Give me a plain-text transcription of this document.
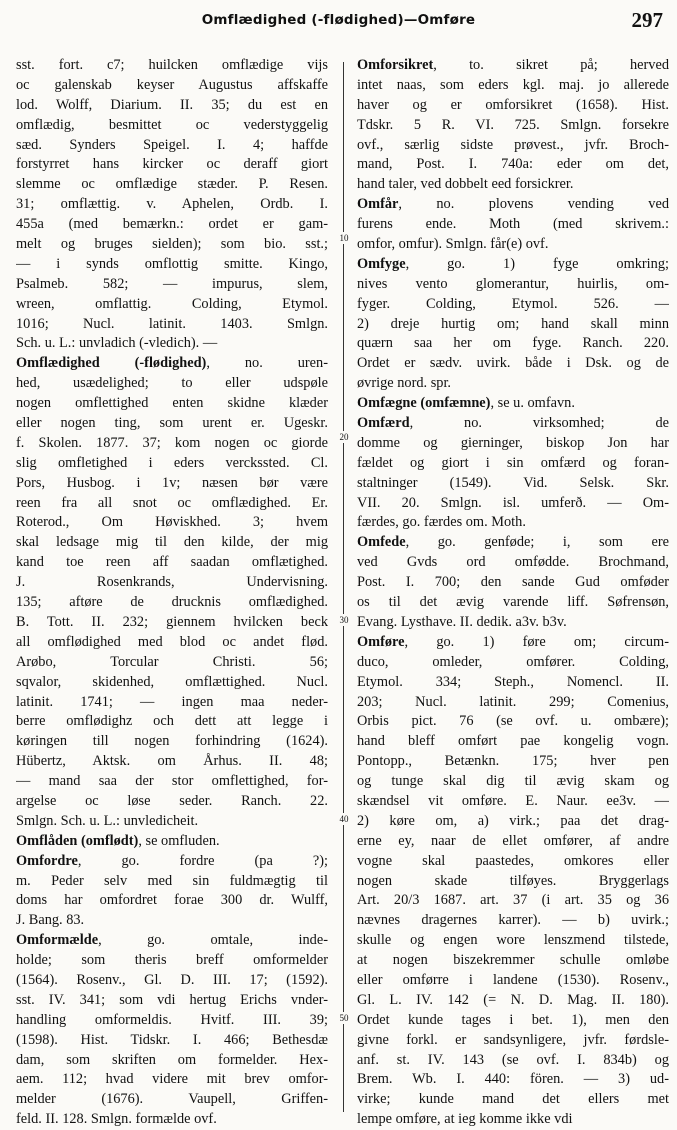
Omflædighed (-flødighed)—Omføre	297
sst. fort. c7; huilcken omflædige vijs
oc galenskab keyser Augustus affskaffe
lod. Wolff, Diarium. II. 35; du est en
omflædig, besmittet oc vederstyggelig
sæd. Synders Speigel. I. 4; haffde
forstyrret hans kircker oc deraff giort
slemme oc omflædige stæder. P. Resen.
31; omflættig. v. Aphelen, Ordb. I.
455a (med bemærkn.: ordet er gam-
melt og bruges sielden); som bio. sst.;
— i synds omflottig smitte. Kingo,
Psalmeb. 582; — impurus, slem,
wreen, omflattig. Colding, Etymol.
1016; Nucl. latinit. 1403. Smlgn.
Sch. u. L.: unvladich (-vledich). —
Omflædighed (-flødighed), no. uren-
hed, usædelighed; to eller udspøle
nogen omflettighed enten skidne klæder
eller nogen ting, som urent er. Ugeskr.
f. Skolen. 1877. 37; kom nogen oc giorde
slig omfletighed i eders verckssted. Cl.
Pors, Husbog. i 1v; næsen bør være
reen fra all snot oc omflædighed. Er.
Roterod., Om Høviskhed. 3; hvem
skal ledsage mig til den kilde, der mig
kand toe reen aff saadan omflætighed.
J. Rosenkrands, Undervisning.
135; aftøre de drucknis omflædighed.
B. Tott. II. 232; giennem hvilcken beck
all omflødighed med blod oc andet flød.
Arøbo, Torcular Christi. 56;
sqvalor, skidenhed, omflættighed. Nucl.
latinit. 1741; — ingen maa neder-
berre omflødighz och dett att legge i
køringen till nogen forhindring (1624).
Hübertz, Aktsk. om Århus. II. 48;
— mand saa der stor omflettighed, for-
argelse oc løse seder. Ranch. 22.
Smlgn. Sch. u. L.: unvledicheit.
Omflåden (omflødt), se omfluden.
Omfordre, go. fordre (pa ?);
m. Peder selv med sin fuldmægtig til
doms har omfordret forae 300 dr. Wulff,
J. Bang. 83.
Omformælde, go. omtale, inde-
holde; som theris breff omformelder
(1564). Rosenv., Gl. D. III. 17; (1592).
sst. IV. 341; som vdi hertug Erichs vnder-
handling omformeldis. Hvitf. III. 39;
(1598). Hist. Tidskr. I. 466; Bethesdæ
dam, som skriften om formelder. Hex-
aem. 112; hvad videre mit brev omfor-
melder (1676). Vaupell, Griffen-
feld. II. 128. Smlgn. formælde ovf.
Omforsikret, to. sikret på; herved
intet naas, som eders kgl. maj. jo allerede
haver og er omforsikret (1658). Hist.
Tdskr. 5 R. VI. 725. Smlgn. forsekre
ovf., særlig sidste prøvest., jvfr. Broch-
mand, Post. I. 740a: eder om det,
hand taler, ved dobbelt eed forsickrer.
Omfår, no. plovens vending ved
furens ende. Moth (med skrivem.:
omfor, omfur). Smlgn. får(e) ovf.
Omfyge, go. 1) fyge omkring;
nives vento glomerantur, huirlis, om-
fyger. Colding, Etymol. 526. —
2) dreje hurtig om; hand skall minn
quærn saa her om fyge. Ranch. 220.
Ordet er sædv. uvirk. både i Dsk. og de
øvrige nord. spr.
Omfægne (omfæmne), se u. omfavn.
Omfærd, no. virksomhed; de
domme og gierninger, biskop Jon har
fældet og giort i sin omfærd og foran-
staltninger (1549). Vid. Selsk. Skr.
VII. 20. Smlgn. isl. umferð. — Om-
færdes, go. færdes om. Moth.
Omfede, go. genføde; i, som ere
ved Gvds ord omfødde. Brochmand,
Post. I. 700; den sande Gud omføder
os til det ævig varende liff. Søfrensøn,
Evang. Lysthave. II. dedik. a3v. b3v.
Omføre, go. 1) føre om; circum-
duco, omleder, omfører. Colding,
Etymol. 334; Steph., Nomencl. II.
203; Nucl. latinit. 299; Comenius,
Orbis pict. 76 (se ovf. u. ombære);
hand bleff omført pae kongelig vogn.
Pontopp., Betænkn. 175; hver pen
og tunge skal dig til ævig skam og
skændsel vit omføre. E. Naur. ee3v. —
2) køre om, a) virk.; paa det drag-
erne ey, naar de ellet omfører, af andre
vogne skal paastedes, omkores eller
nogen skade tilføyes. Bryggerlags
Art. 20/3 1687. art. 37 (i art. 35 og 36
nævnes dragernes karrer). — b) uvirk.;
skulle og engen wore lenszmend tilstede,
at nogen biszekremmer schulle omløbe
eller omførre i landene (1530). Rosenv.,
Gl. L. IV. 142 (= N. D. Mag. II. 180).
Ordet kunde tages i bet. 1), men den
givne forkl. er sandsynligere, jvfr. førdsle-
anf. st. IV. 143 (se ovf. I. 834b) og
Brem. Wb. I. 440: fören. — 3) ud-
virke; kunde mand det ellers met
lempe omføre, at ieg komme ikke vdi
10
20
30
40
50
